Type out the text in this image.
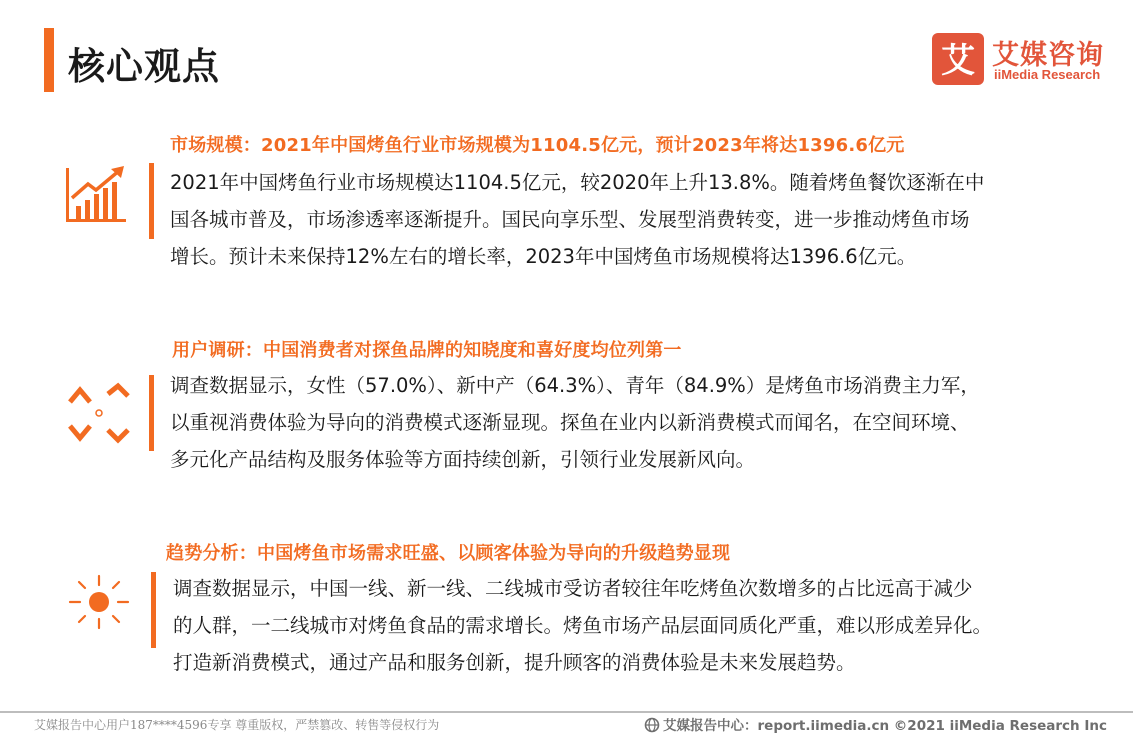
核心观点	艾 艾媒咨询
iiMedia Research
市场规模：2021年中国烤鱼行业市场规模为1104.5亿元，预计2023年将达1396.6亿元
2021年中国烤鱼行业市场规模达1104.5亿元，较2020年上升13.8%。随着烤鱼餐饮逐渐在中
国各城市普及，市场渗透率逐渐提升。国民向享乐型、发展型消费转变，进一步推动烤鱼市场
增长。预计未来保持12%左右的增长率，2023年中国烤鱼市场规模将达1396.6亿元。
用户调研：中国消费者对探鱼品牌的知晓度和喜好度均位列第一
调查数据显示，女性（57.0%）、新中产（64.3%）、青年（84.9%）是烤鱼市场消费主力军，
以重视消费体验为导向的消费模式逐渐显现。探鱼在业内以新消费模式而闻名，在空间环境、
多元化产品结构及服务体验等方面持续创新，引领行业发展新风向。
趋势分析：中国烤鱼市场需求旺盛、以顾客体验为导向的升级趋势显现
调查数据显示，中国一线、新一线、二线城市受访者较往年吃烤鱼次数增多的占比远高于减少
的人群，一二线城市对烤鱼食品的需求增长。烤鱼市场产品层面同质化严重，难以形成差异化。
打造新消费模式，通过产品和服务创新，提升顾客的消费体验是未来发展趋势。
艾媒报告中心用户187****4596专享 尊重版权，严禁篡改、转售等侵权行为	艾媒报告中心：report.iimedia.cn ©2021 iiMedia Research Inc
